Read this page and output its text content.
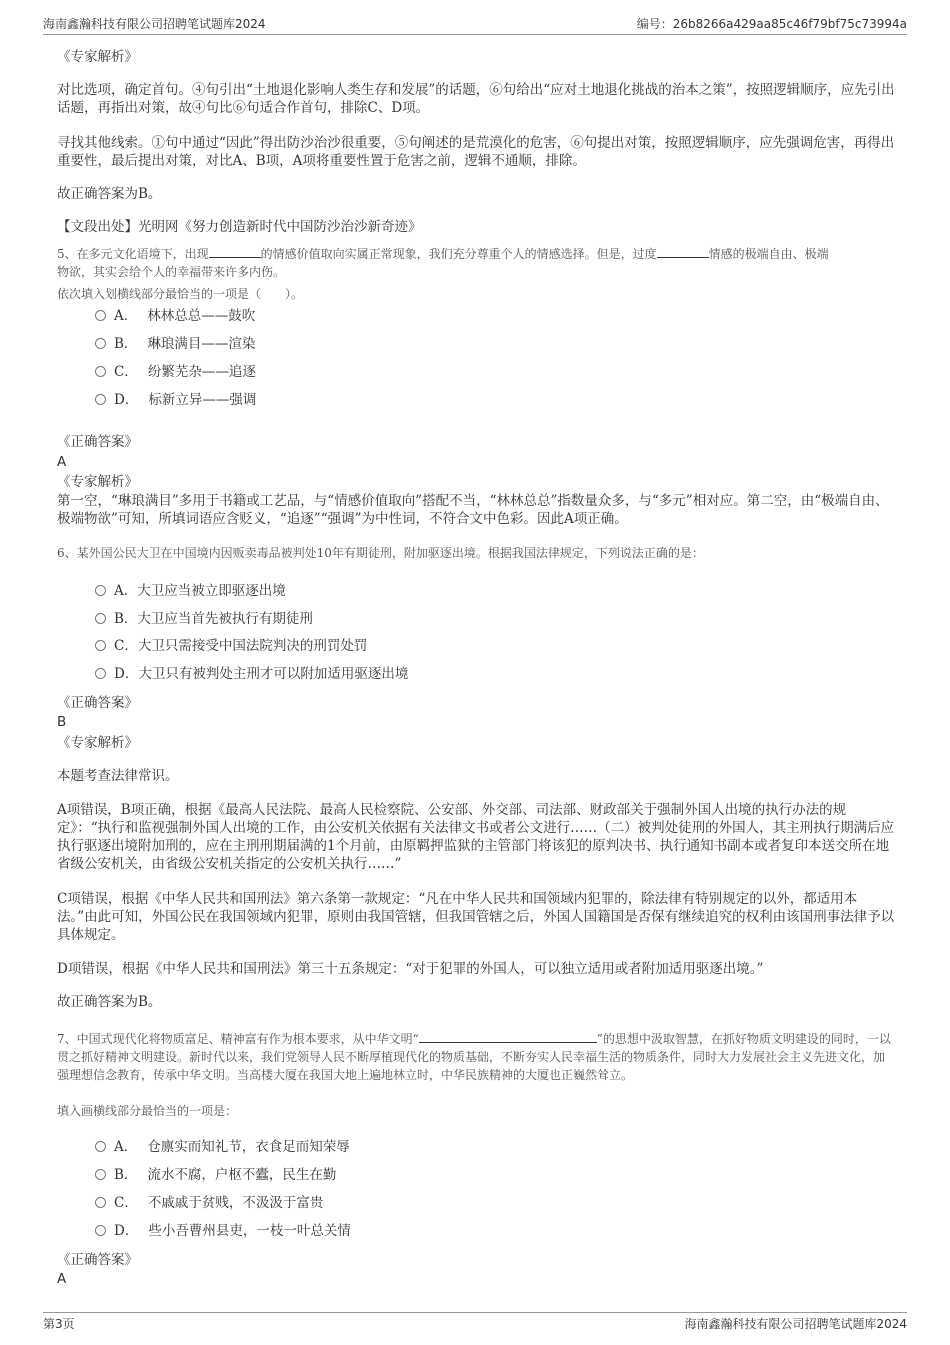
海南鑫瀚科技有限公司招聘笔试题库2024	编号：26b8266a429aa85c46f79bf75c73994a
《专家解析》
对比选项，确定首句。④句引出“土地退化影响人类生存和发展”的话题，⑥句给出“应对土地退化挑战的治本之策”，按照逻辑顺序，应先引出话题，再指出对策，故④句比⑥句适合作首句，排除C、D项。
寻找其他线索。①句中通过“因此”得出防沙治沙很重要，⑤句阐述的是荒漠化的危害，⑥句提出对策，按照逻辑顺序，应先强调危害，再得出重要性，最后提出对策，对比A、B项，A项将重要性置于危害之前，逻辑不通顺，排除。
故正确答案为B。
【文段出处】光明网《努力创造新时代中国防沙治沙新奇迹》
5、在多元文化语境下，出现	的情感价值取向实属正常现象，我们充分尊重个人的情感选择。但是，过度	情感的极端自由、极端
物欲，其实会给个人的幸福带来许多内伤。
依次填入划横线部分最恰当的一项是（　　）。
A． 林林总总——鼓吹
B． 琳琅满目——渲染
C． 纷繁芜杂——追逐
D． 标新立异——强调
《正确答案》
A
《专家解析》
第一空，“琳琅满目”多用于书籍或工艺品，与“情感价值取向”搭配不当，“林林总总”指数量众多，与“多元”相对应。第二空，由“极端自由、极端物欲”可知，所填词语应含贬义，“追逐”“强调”为中性词，不符合文中色彩。因此A项正确。
6、某外国公民大卫在中国境内因贩卖毒品被判处10年有期徒刑，附加驱逐出境。根据我国法律规定，下列说法正确的是：
A．大卫应当被立即驱逐出境
B．大卫应当首先被执行有期徒刑
C．大卫只需接受中国法院判决的刑罚处罚
D．大卫只有被判处主刑才可以附加适用驱逐出境
《正确答案》
B
《专家解析》
本题考查法律常识。
A项错误，B项正确，根据《最高人民法院、最高人民检察院、公安部、外交部、司法部、财政部关于强制外国人出境的执行办法的规定》：“执行和监视强制外国人出境的工作，由公安机关依据有关法律文书或者公文进行……（二）被判处徒刑的外国人，其主刑执行期满后应执行驱逐出境附加刑的，应在主刑刑期届满的1个月前，由原羁押监狱的主管部门将该犯的原判决书、执行通知书副本或者复印本送交所在地省级公安机关，由省级公安机关指定的公安机关执行……”
C项错误，根据《中华人民共和国刑法》第六条第一款规定：“凡在中华人民共和国领域内犯罪的，除法律有特别规定的以外，都适用本法。”由此可知，外国公民在我国领域内犯罪，原则由我国管辖，但我国管辖之后，外国人国籍国是否保有继续追究的权利由该国刑事法律予以具体规定。
D项错误，根据《中华人民共和国刑法》第三十五条规定：“对于犯罪的外国人，可以独立适用或者附加适用驱逐出境。”
故正确答案为B。
7、中国式现代化将物质富足、精神富有作为根本要求，从中华文明“	”的思想中汲取智慧，在抓好物质文明建设的同时，一以贯之抓好精神文明建设。新时代以来，我们党领导人民不断厚植现代化的物质基础，不断夯实人民幸福生活的物质条件，同时大力发展社会主义先进文化，加强理想信念教育，传承中华文明。当高楼大厦在我国大地上遍地林立时，中华民族精神的大厦也正巍然耸立。
填入画横线部分最恰当的一项是：
A． 仓廪实而知礼节，衣食足而知荣辱
B． 流水不腐，户枢不蠹，民生在勤
C． 不戚戚于贫贱，不汲汲于富贵
D． 些小吾曹州县吏，一枝一叶总关情
《正确答案》
A
第3页	海南鑫瀚科技有限公司招聘笔试题库2024
